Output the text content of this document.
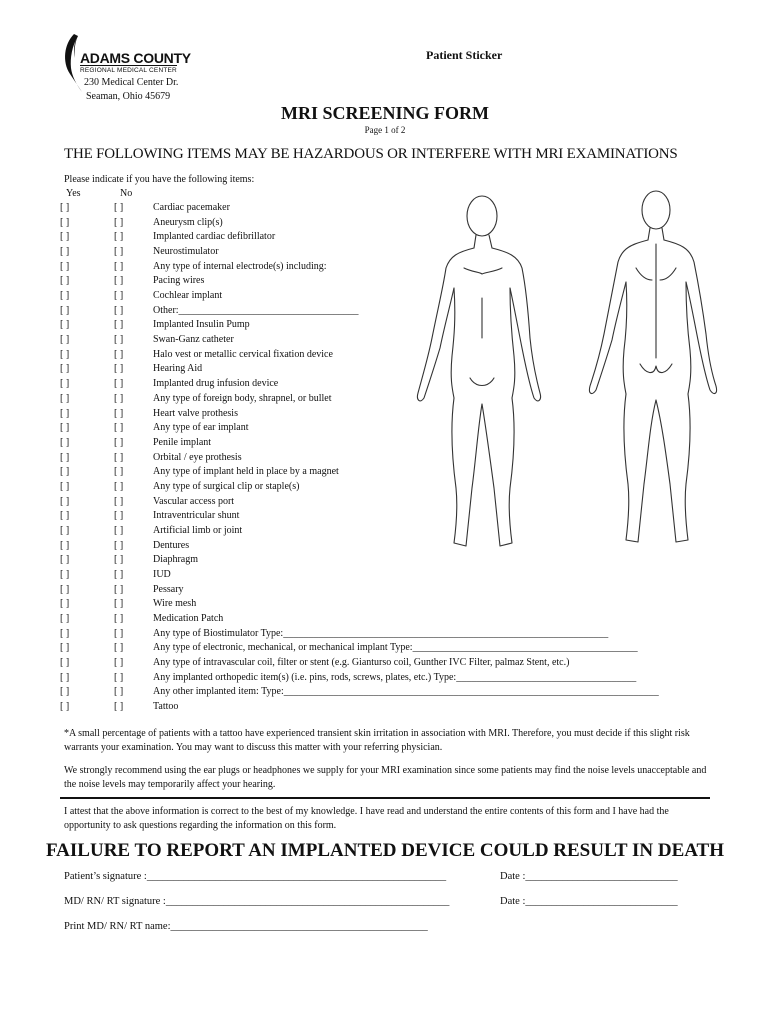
ADAMS COUNTY
REGIONAL MEDICAL CENTER
230 Medical Center Dr.
Seaman, Ohio 45679
Patient Sticker
MRI SCREENING FORM
Page 1 of 2
THE FOLLOWING ITEMS MAY BE HAZARDOUS OR INTERFERE WITH MRI EXAMINATIONS
Please indicate if you have the following items:
Yes	No
[ ]	[ ]	Cardiac pacemaker
[ ]	[ ]	Aneurysm clip(s)
[ ]	[ ]	Implanted cardiac defibrillator
[ ]	[ ]	Neurostimulator
[ ]	[ ]	Any type of internal electrode(s) including:
[ ]	[ ]	Pacing wires
[ ]	[ ]	Cochlear implant
[ ]	[ ]	Other:____________________________________
[ ]	[ ]	Implanted Insulin Pump
[ ]	[ ]	Swan-Ganz catheter
[ ]	[ ]	Halo vest or metallic cervical fixation device
[ ]	[ ]	Hearing Aid
[ ]	[ ]	Implanted drug infusion device
[ ]	[ ]	Any type of foreign body, shrapnel, or bullet
[ ]	[ ]	Heart valve prothesis
[ ]	[ ]	Any type of ear implant
[ ]	[ ]	Penile implant
[ ]	[ ]	Orbital / eye prothesis
[ ]	[ ]	Any type of implant held in place by a magnet
[ ]	[ ]	Any type of surgical clip or staple(s)
[ ]	[ ]	Vascular access port
[ ]	[ ]	Intraventricular shunt
[ ]	[ ]	Artificial limb or joint
[ ]	[ ]	Dentures
[ ]	[ ]	Diaphragm
[ ]	[ ]	IUD
[ ]	[ ]	Pessary
[ ]	[ ]	Wire mesh
[ ]	[ ]	Medication Patch
[ ]	[ ]	Any type of Biostimulator Type:_________________________________________________________________
[ ]	[ ]	Any type of electronic, mechanical, or mechanical implant Type:_____________________________________________
[ ]	[ ]	Any type of intravascular coil, filter or stent (e.g. Gianturso coil, Gunther IVC Filter, palmaz Stent, etc.)
[ ]	[ ]	Any implanted orthopedic item(s) (i.e. pins, rods, screws, plates, etc.) Type:____________________________________
[ ]	[ ]	Any other implanted item: Type:___________________________________________________________________________
[ ]	[ ]	Tattoo
*A small percentage of patients with a tattoo have experienced transient skin irritation in association with MRI. Therefore, you must decide if this slight risk warrants your examination. You may want to discuss this matter with your referring physician.
We strongly recommend using the ear plugs or headphones we supply for your MRI examination since some patients may find the noise levels unacceptable and the noise levels may temporarily affect your hearing.
I attest that the above information is correct to the best of my knowledge. I have read and understand the entire contents of this form and I have had the opportunity to ask questions regarding the information on this form.
FAILURE TO REPORT AN IMPLANTED DEVICE COULD RESULT IN DEATH
Patient’s signature :_________________________________________________________	Date :_____________________________
MD/ RN/ RT signature :______________________________________________________	Date :_____________________________
Print MD/ RN/ RT name:_________________________________________________
